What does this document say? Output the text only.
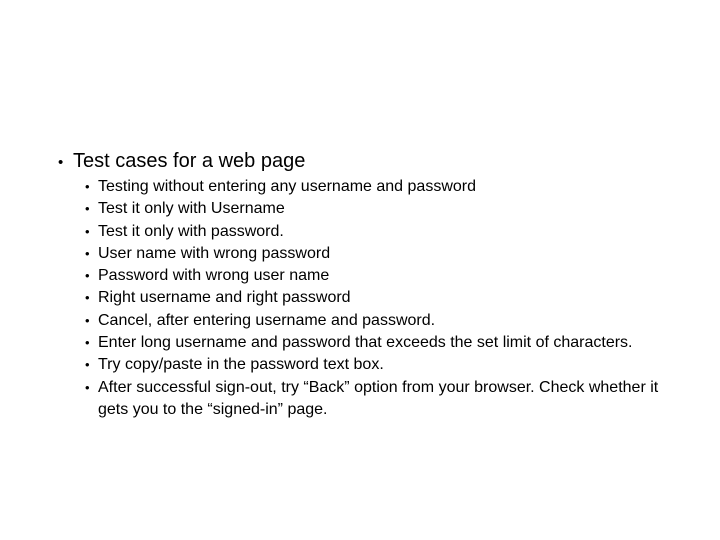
• Test cases for a web page
• Testing without entering any username and password
• Test it only with Username
• Test it only with password.
• User name with wrong password
• Password with wrong user name
• Right username and right password
• Cancel, after entering username and password.
• Enter long username and password that exceeds the set limit of characters.
• Try copy/paste in the password text box.
• After successful sign-out, try “Back” option from your browser. Check whether it gets you to the “signed-in” page.
